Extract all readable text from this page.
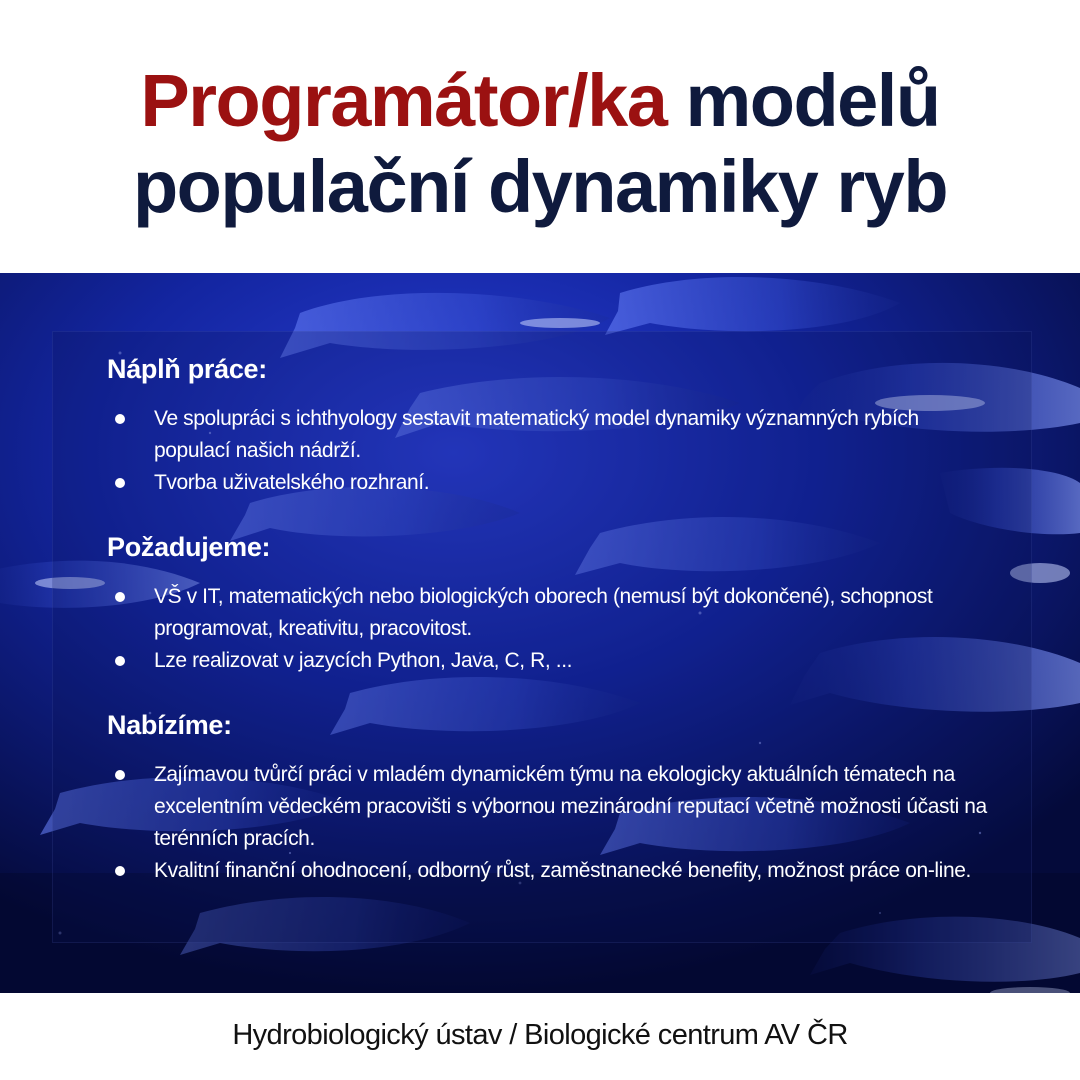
Programátor/ka modelů
populační dynamiky ryb
Náplň práce:
Ve spolupráci s ichthyology sestavit matematický model dynamiky významných rybích populací našich nádrží.
Tvorba uživatelského rozhraní.
Požadujeme:
VŠ v IT, matematických nebo biologických oborech (nemusí být dokončené), schopnost programovat, kreativitu, pracovitost.
Lze realizovat v jazycích Python, Java, C, R, ...
Nabízíme:
Zajímavou tvůrčí práci v mladém dynamickém týmu na ekologicky aktuálních tématech na excelentním vědeckém pracovišti s výbornou mezinárodní reputací včetně možnosti účasti na terénních pracích.
Kvalitní finanční ohodnocení, odborný růst, zaměstnanecké benefity, možnost práce on-line.
Hydrobiologický ústav / Biologické centrum AV ČR
